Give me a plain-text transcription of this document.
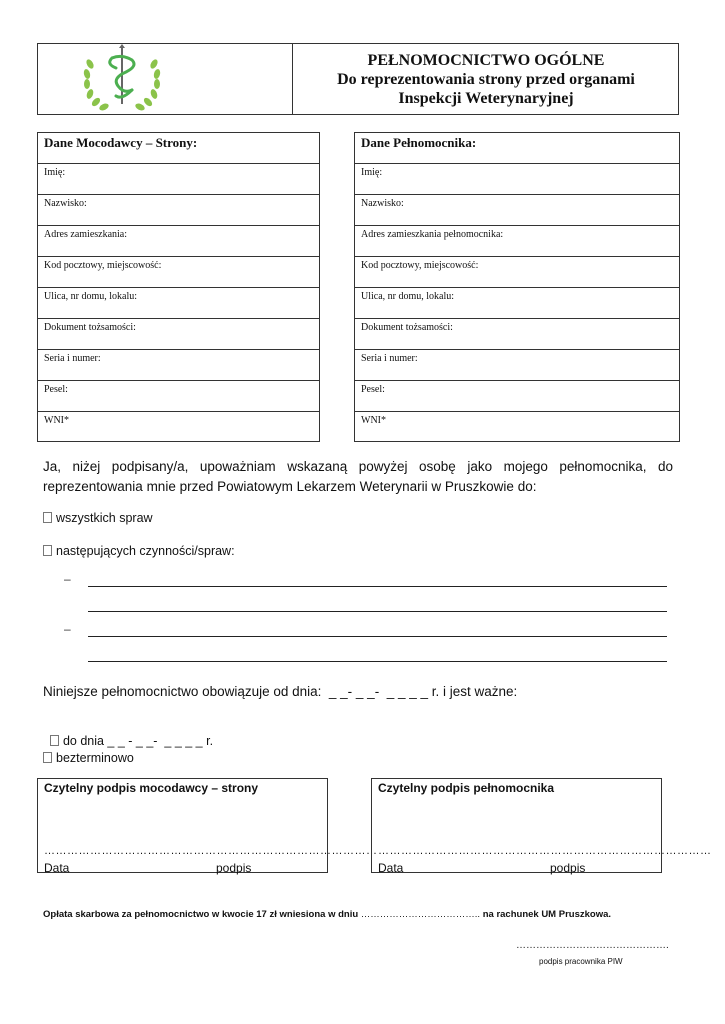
PEŁNOMOCNICTWO OGÓLNE
Do reprezentowania strony przed organami
Inspekcji Weterynaryjnej
Dane Mocodawcy – Strony:
Imię:
Nazwisko:
Adres zamieszkania:
Kod pocztowy, miejscowość:
Ulica, nr domu, lokalu:
Dokument tożsamości:
Seria i numer:
Pesel:
WNI*
Dane Pełnomocnika:
Imię:
Nazwisko:
Adres zamieszkania pełnomocnika:
Kod pocztowy, miejscowość:
Ulica, nr domu, lokalu:
Dokument tożsamości:
Seria i numer:
Pesel:
WNI*
Ja, niżej podpisany/a, upoważniam wskazaną powyżej osobę jako mojego pełnomocnika, do
reprezentowania mnie przed Powiatowym Lekarzem Weterynarii w Pruszkowie do:
wszystkich spraw
następujących czynności/spraw:
–
–
Niniejsze pełnomocnictwo obowiązuje od dnia:  _ _- _ _-  _ _ _ _ r. i jest ważne:

do dnia _ _ - _ _-  _ _ _ _ r.

bezterminowo
Czytelny podpis mocodawcy – strony
……………………………………………………………………………
Data	podpis
Czytelny podpis pełnomocnika
……………………………………………………………………………
Data	podpis
Opłata skarbowa za pełnomocnictwo w kwocie 17 zł wniesiona w dniu ……………………………….. na rachunek UM Pruszkowa.
……………………………………….
podpis pracownika PIW
